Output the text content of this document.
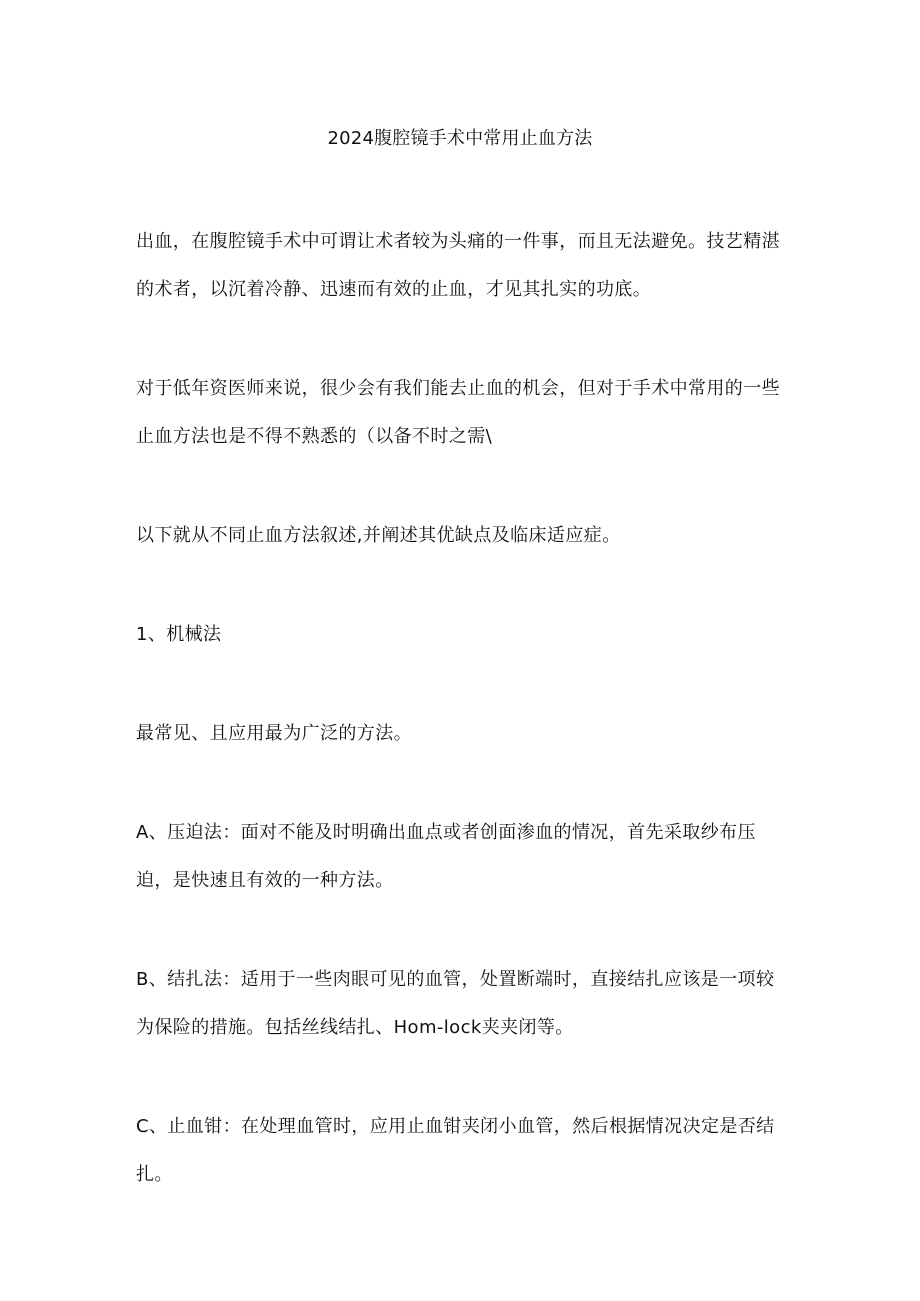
2024腹腔镜手术中常用止血方法

出血，在腹腔镜手术中可谓让术者较为头痛的一件事，而且无法避免。技艺精湛的术者，以沉着冷静、迅速而有效的止血，才见其扎实的功底。

对于低年资医师来说，很少会有我们能去止血的机会，但对于手术中常用的一些止血方法也是不得不熟悉的（以备不时之需\

以下就从不同止血方法叙述,并阐述其优缺点及临床适应症。

1、机械法

最常见、且应用最为广泛的方法。

A、压迫法：面对不能及时明确出血点或者创面渗血的情况，首先采取纱布压迫，是快速且有效的一种方法。

B、结扎法：适用于一些肉眼可见的血管，处置断端时，直接结扎应该是一项较为保险的措施。包括丝线结扎、Hom-lock夹夹闭等。

C、止血钳：在处理血管时，应用止血钳夹闭小血管，然后根据情况决定是否结扎。
